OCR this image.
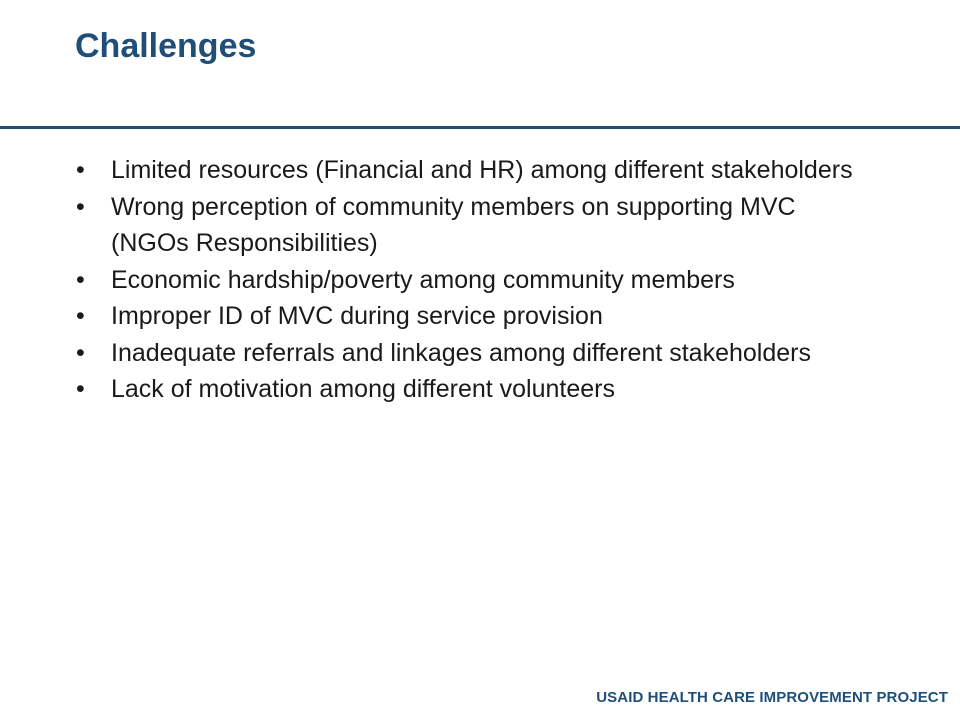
Challenges
• Limited resources (Financial and HR) among different stakeholders
• Wrong perception of community members on supporting MVC (NGOs Responsibilities)
• Economic hardship/poverty among community members
• Improper ID of MVC during service provision
• Inadequate referrals and linkages among different stakeholders
• Lack of motivation among different volunteers
USAID HEALTH CARE IMPROVEMENT PROJECT
